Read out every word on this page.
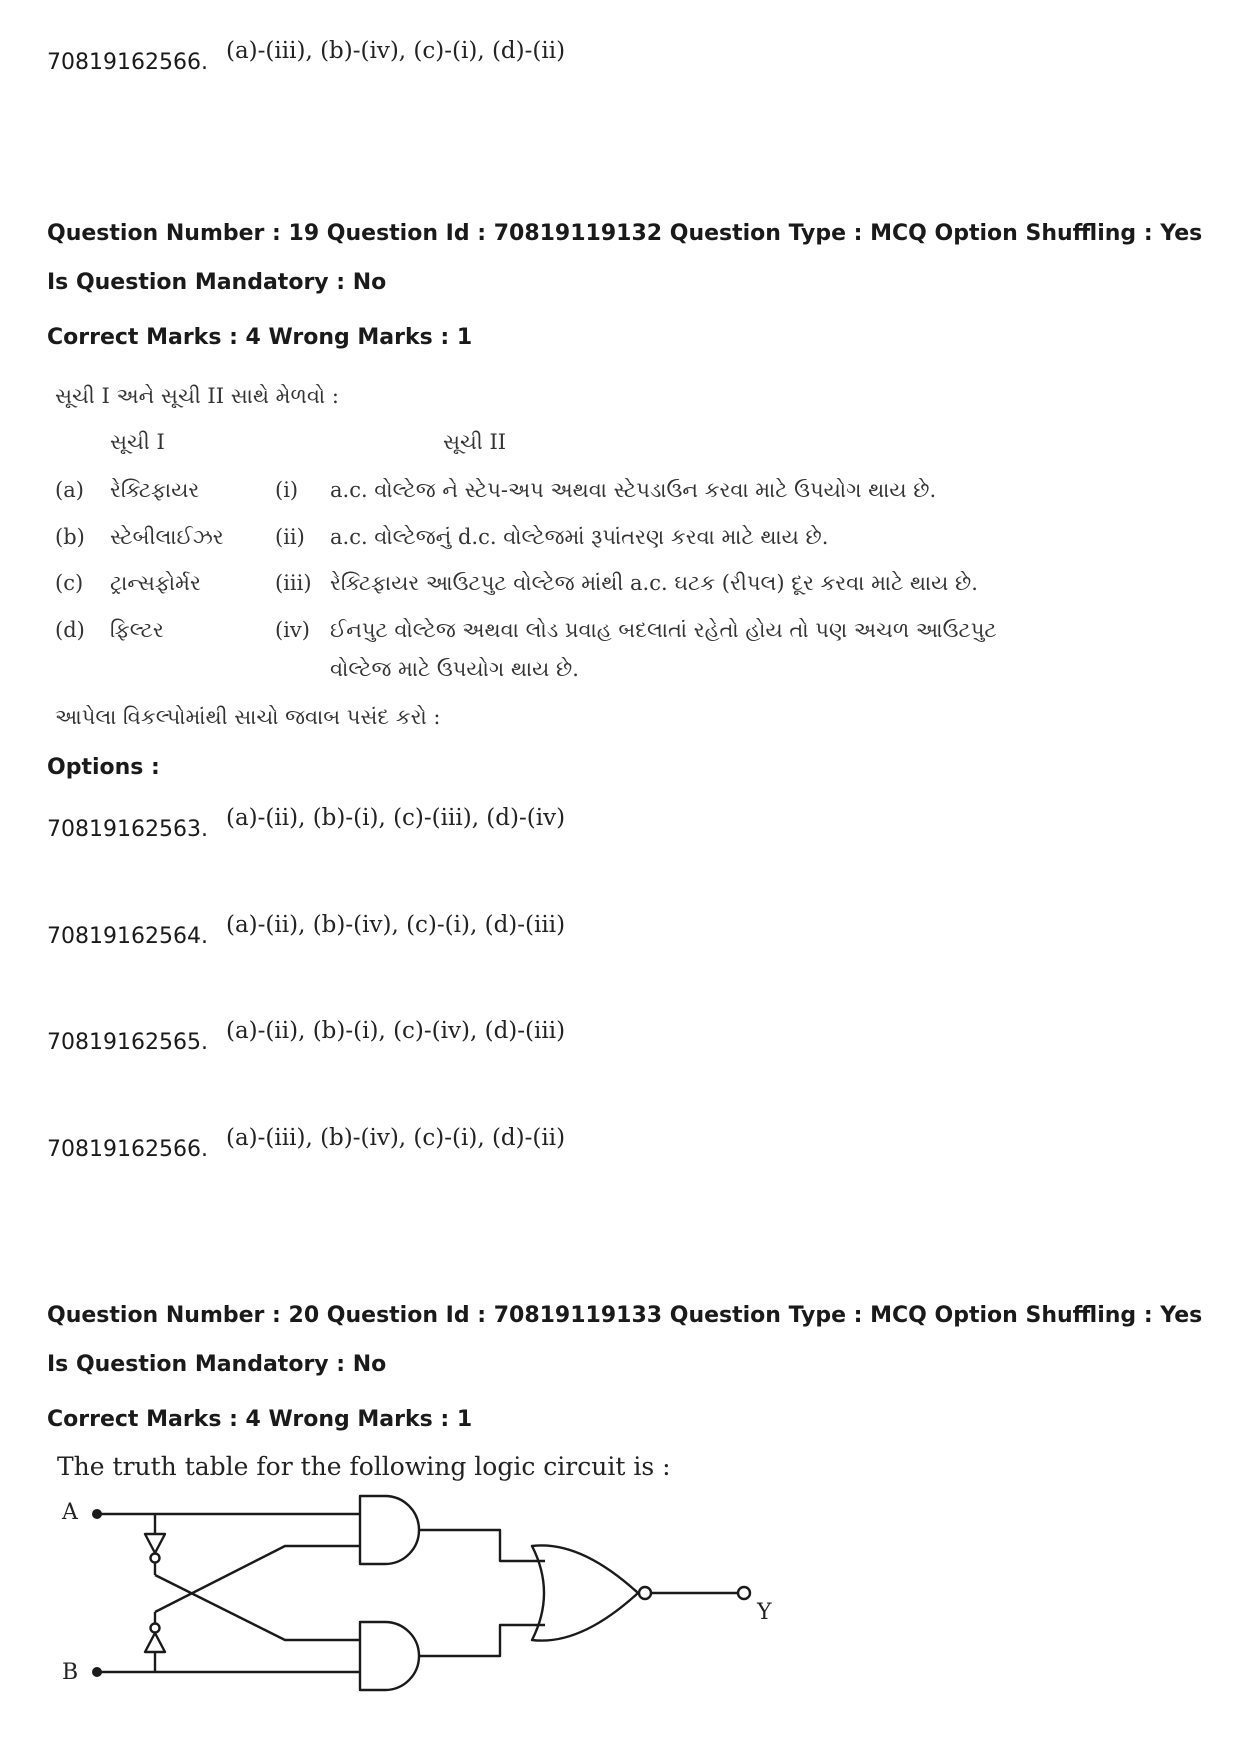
70819162566. (a)-(iii), (b)-(iv), (c)-(i), (d)-(ii)
Question Number : 19 Question Id : 70819119132 Question Type : MCQ Option Shuffling : Yes
Is Question Mandatory : No
Correct Marks : 4 Wrong Marks : 1
સૂચી I અને સૂચી II સાથે મેળવો :
સૂચી I	સૂચી II
(a) રેક્ટિફાયર	(i) a.c. વોલ્ટેજ ને સ્ટેપ-અપ અથવા સ્ટેપડાઉન કરવા માટે ઉપયોગ થાય છે.
(b) સ્ટેબીલાઈઝર (ii) a.c. વોલ્ટેજનું d.c. વોલ્ટેજમાં રૂપાંતરણ કરવા માટે થાય છે.
(c) ટ્રાન્સફોર્મર	(iii) રેક્ટિફાયર આઉટપુટ વોલ્ટેજ માંથી a.c. ઘટક (રીપલ) દૂર કરવા માટે થાય છે.
(d) ફિલ્ટર	(iv) ઈનપુટ વોલ્ટેજ અથવા લોડ પ્રવાહ બદલાતાં રહેતો હોય તો પણ અચળ આઉટપુટ
વોલ્ટેજ માટે ઉપયોગ થાય છે.
આપેલા વિકલ્પોમાંથી સાચો જવાબ પસંદ કરો :
Options :
70819162563. (a)-(ii), (b)-(i), (c)-(iii), (d)-(iv)
70819162564. (a)-(ii), (b)-(iv), (c)-(i), (d)-(iii)
70819162565. (a)-(ii), (b)-(i), (c)-(iv), (d)-(iii)
70819162566. (a)-(iii), (b)-(iv), (c)-(i), (d)-(ii)
Question Number : 20 Question Id : 70819119133 Question Type : MCQ Option Shuffling : Yes
Is Question Mandatory : No
Correct Marks : 4 Wrong Marks : 1
The truth table for the following logic circuit is :
A
B
Y
